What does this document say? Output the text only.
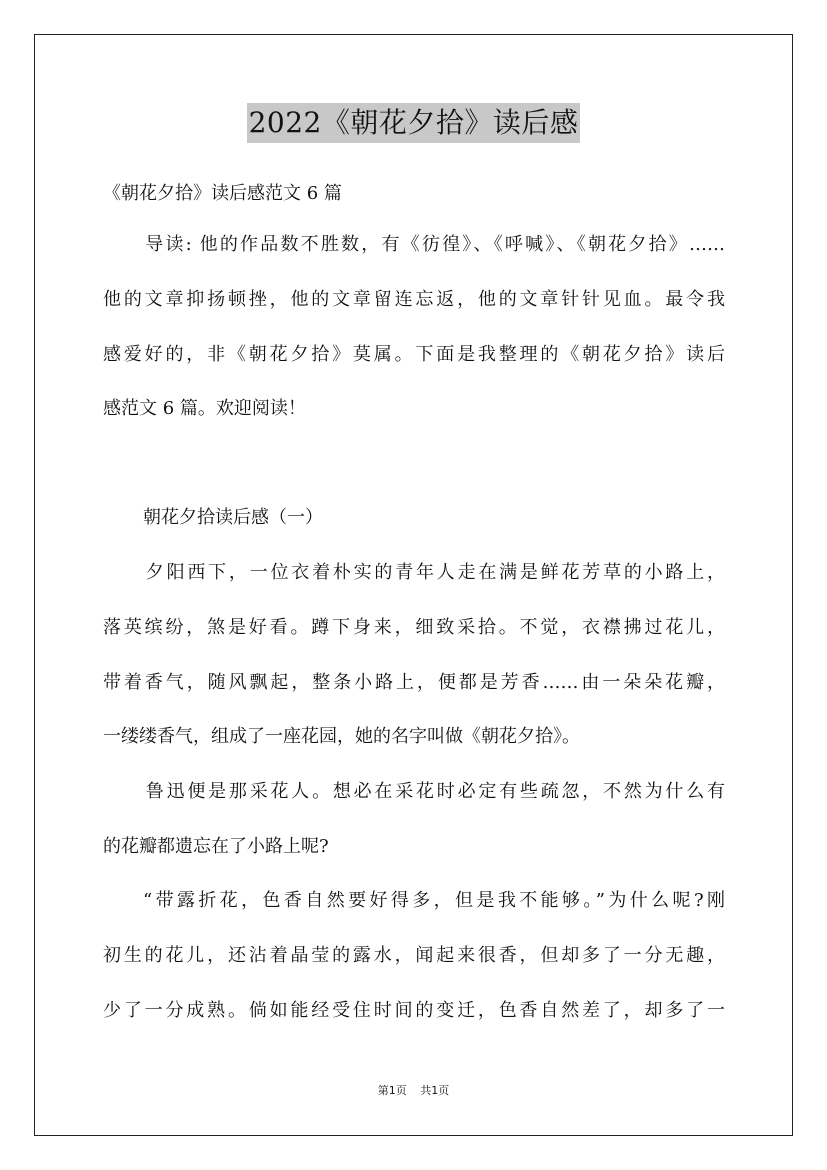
2022《朝花夕拾》读后感
《朝花夕拾》读后感范文 6 篇
导读: 他的作品数不胜数，有《彷徨》、《呼喊》、《朝花夕拾》……
他的文章抑扬顿挫，他的文章留连忘返，他的文章针针见血。最令我
感爱好的，非《朝花夕拾》莫属。下面是我整理的《朝花夕拾》读后
感范文 6 篇。欢迎阅读！
朝花夕拾读后感（一）
夕阳西下，一位衣着朴实的青年人走在满是鲜花芳草的小路上，
落英缤纷，煞是好看。蹲下身来，细致采拾。不觉，衣襟拂过花儿，
带着香气，随风飘起，整条小路上，便都是芳香……由一朵朵花瓣，
一缕缕香气，组成了一座花园，她的名字叫做《朝花夕拾》。
鲁迅便是那采花人。想必在采花时必定有些疏忽，不然为什么有
的花瓣都遗忘在了小路上呢?
“带露折花，色香自然要好得多，但是我不能够。”为什么呢?刚
初生的花儿，还沾着晶莹的露水，闻起来很香，但却多了一分无趣，
少了一分成熟。倘如能经受住时间的变迁，色香自然差了，却多了一
第1页 共1页
